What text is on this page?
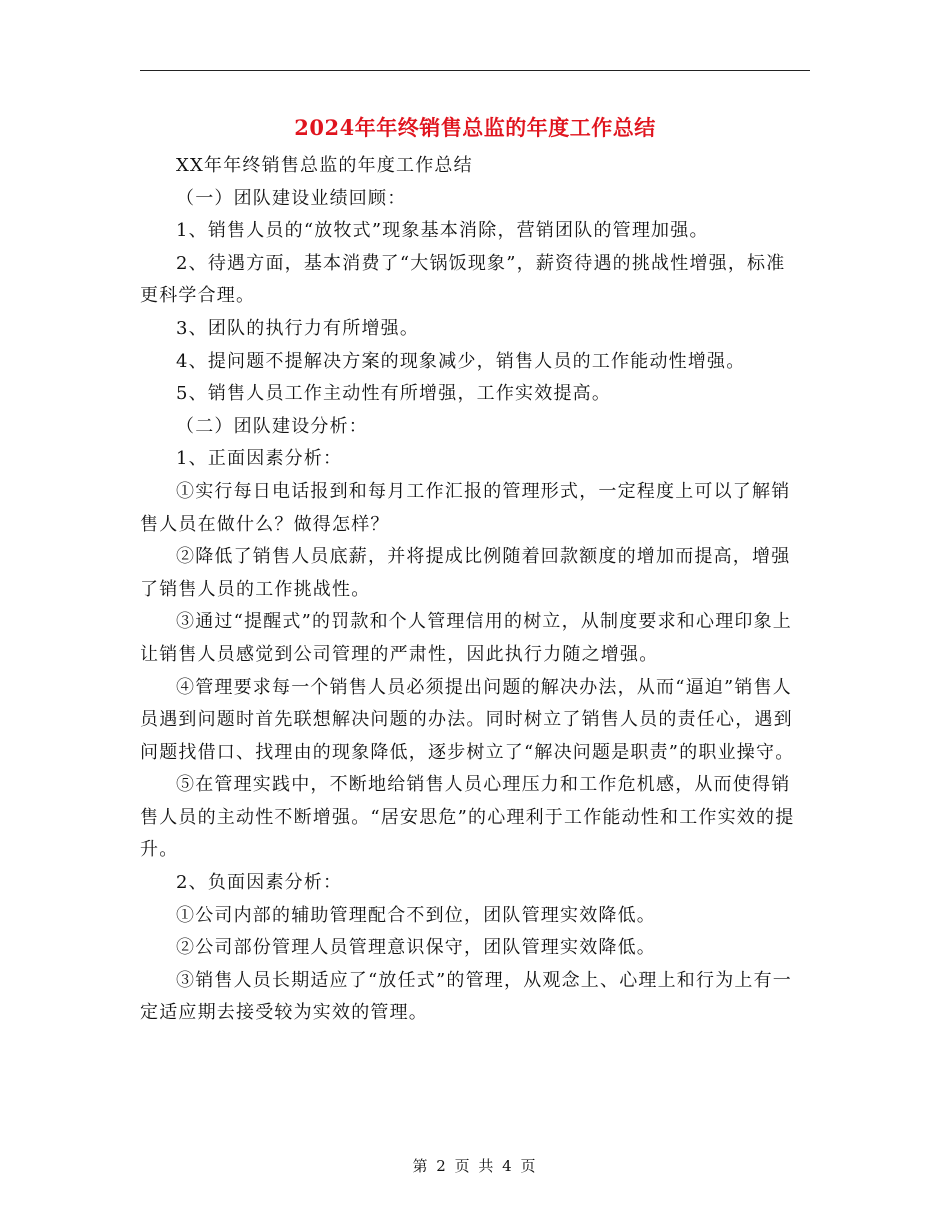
2024年年终销售总监的年度工作总结

XX年年终销售总监的年度工作总结

（一）团队建设业绩回顾：

1、销售人员的“放牧式”现象基本消除，营销团队的管理加强。

2、待遇方面，基本消费了“大锅饭现象”，薪资待遇的挑战性增强，标准更科学合理。

3、团队的执行力有所增强。

4、提问题不提解决方案的现象减少，销售人员的工作能动性增强。

5、销售人员工作主动性有所增强，工作实效提高。

（二）团队建设分析：

1、正面因素分析：

①实行每日电话报到和每月工作汇报的管理形式，一定程度上可以了解销售人员在做什么？做得怎样？

②降低了销售人员底薪，并将提成比例随着回款额度的增加而提高，增强了销售人员的工作挑战性。

③通过“提醒式”的罚款和个人管理信用的树立，从制度要求和心理印象上让销售人员感觉到公司管理的严肃性，因此执行力随之增强。

④管理要求每一个销售人员必须提出问题的解决办法，从而“逼迫”销售人员遇到问题时首先联想解决问题的办法。同时树立了销售人员的责任心，遇到问题找借口、找理由的现象降低，逐步树立了“解决问题是职责”的职业操守。

⑤在管理实践中，不断地给销售人员心理压力和工作危机感，从而使得销售人员的主动性不断增强。“居安思危”的心理利于工作能动性和工作实效的提升。

2、负面因素分析：

①公司内部的辅助管理配合不到位，团队管理实效降低。

②公司部份管理人员管理意识保守，团队管理实效降低。

③销售人员长期适应了“放任式”的管理，从观念上、心理上和行为上有一定适应期去接受较为实效的管理。

第 2 页 共 4 页
